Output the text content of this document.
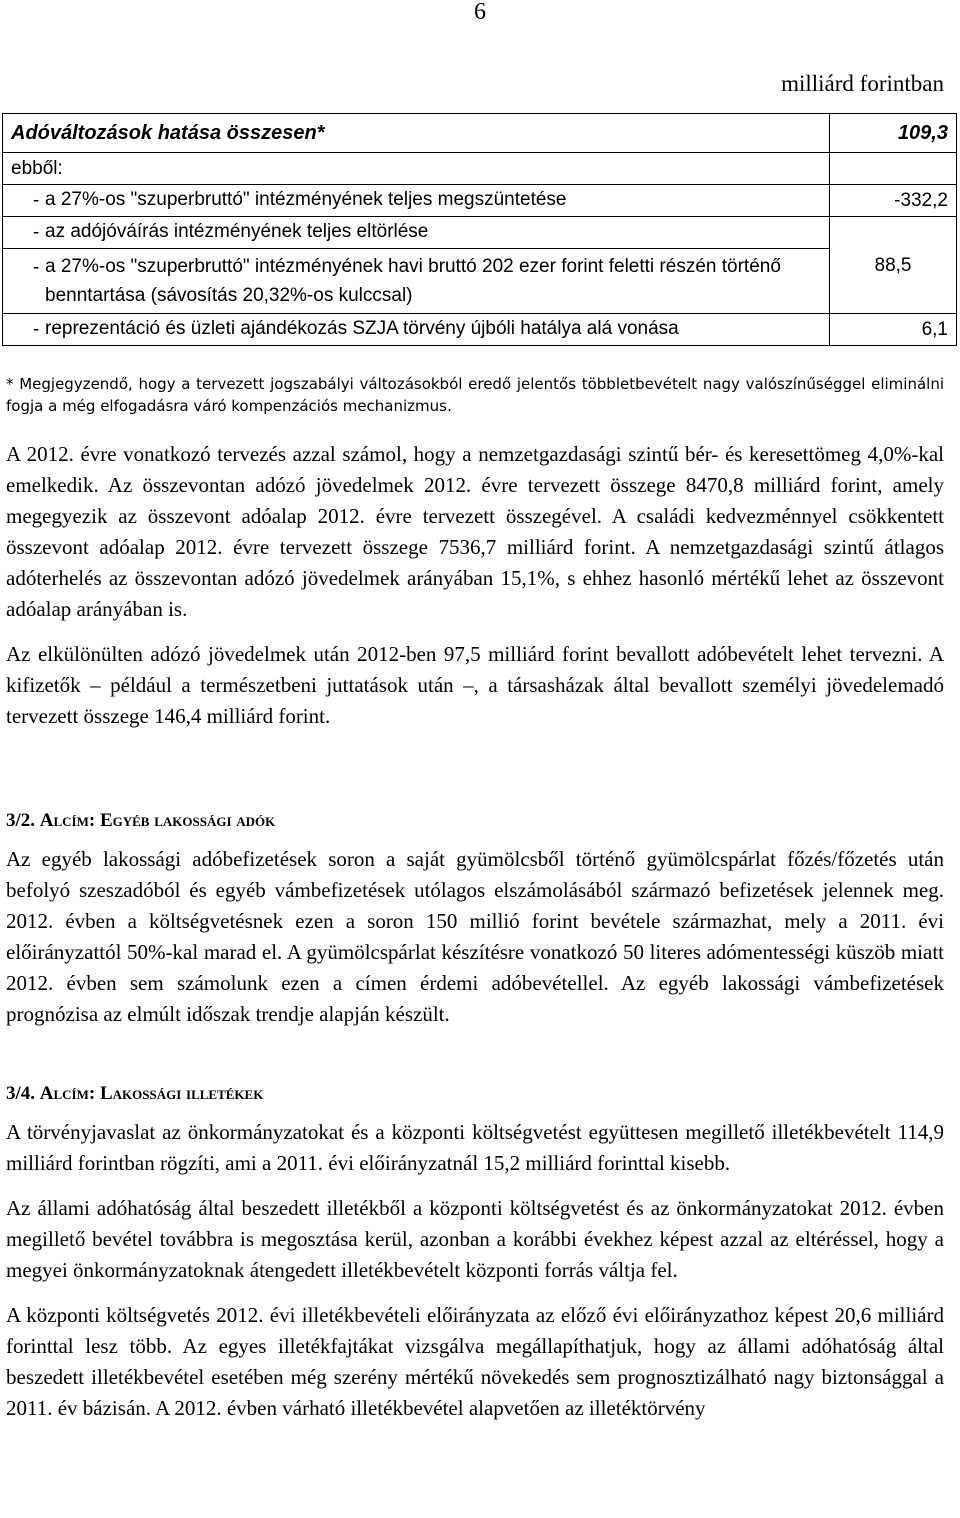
6
milliárd forintban
Adóváltozások hatása összesen*	109,3
ebből:	

- a 27%-os "szuperbruttó" intézményének teljes megszüntetése	-332,2

- az adójóváírás intézményének teljes eltörlése	88,5

- a 27%-os "szuperbruttó" intézményének havi bruttó 202 ezer forint feletti részén történő benntartása (sávosítás 20,32%-os kulccsal)	

- reprezentáció és üzleti ajándékozás SZJA törvény újbóli hatálya alá vonása	6,1
* Megjegyzendő, hogy a tervezett jogszabályi változásokból eredő jelentős többletbevételt nagy valószínűséggel eliminálni fogja a még elfogadásra váró kompenzációs mechanizmus.

A 2012. évre vonatkozó tervezés azzal számol, hogy a nemzetgazdasági szintű bér- és keresettömeg 4,0%-kal emelkedik. Az összevontan adózó jövedelmek 2012. évre tervezett összege 8470,8 milliárd forint, amely megegyezik az összevont adóalap 2012. évre tervezett összegével. A családi kedvezménnyel csökkentett összevont adóalap 2012. évre tervezett összege 7536,7 milliárd forint. A nemzetgazdasági szintű átlagos adóterhelés az összevontan adózó jövedelmek arányában 15,1%, s ehhez hasonló mértékű lehet az összevont adóalap arányában is.

Az elkülönülten adózó jövedelmek után 2012-ben 97,5 milliárd forint bevallott adóbevételt lehet tervezni. A kifizetők – például a természetbeni juttatások után –, a társasházak által bevallott személyi jövedelemadó tervezett összege 146,4 milliárd forint.

3/2. Alcím: Egyéb lakossági adók

Az egyéb lakossági adóbefizetések soron a saját gyümölcsből történő gyümölcspárlat főzés/főzetés után befolyó szeszadóból és egyéb vámbefizetések utólagos elszámolásából származó befizetések jelennek meg. 2012. évben a költségvetésnek ezen a soron 150 millió forint bevétele származhat, mely a 2011. évi előirányzattól 50%-kal marad el. A gyümölcspárlat készítésre vonatkozó 50 literes adómentességi küszöb miatt 2012. évben sem számolunk ezen a címen érdemi adóbevétellel. Az egyéb lakossági vámbefizetések prognózisa az elmúlt időszak trendje alapján készült.

3/4. Alcím: Lakossági illetékek

A törvényjavaslat az önkormányzatokat és a központi költségvetést együttesen megillető illetékbevételt 114,9 milliárd forintban rögzíti, ami a 2011. évi előirányzatnál 15,2 milliárd forinttal kisebb.

Az állami adóhatóság által beszedett illetékből a központi költségvetést és az önkormányzatokat 2012. évben megillető bevétel továbbra is megosztása kerül, azonban a korábbi évekhez képest azzal az eltéréssel, hogy a megyei önkormányzatoknak átengedett illetékbevételt központi forrás váltja fel.

A központi költségvetés 2012. évi illetékbevételi előirányzata az előző évi előirányzathoz képest 20,6 milliárd forinttal lesz több. Az egyes illetékfajtákat vizsgálva megállapíthatjuk, hogy az állami adóhatóság által beszedett illetékbevétel esetében még szerény mértékű növekedés sem prognosztizálható nagy biztonsággal a 2011. év bázisán. A 2012. évben várható illetékbevétel alapvetően az illetéktörvény
